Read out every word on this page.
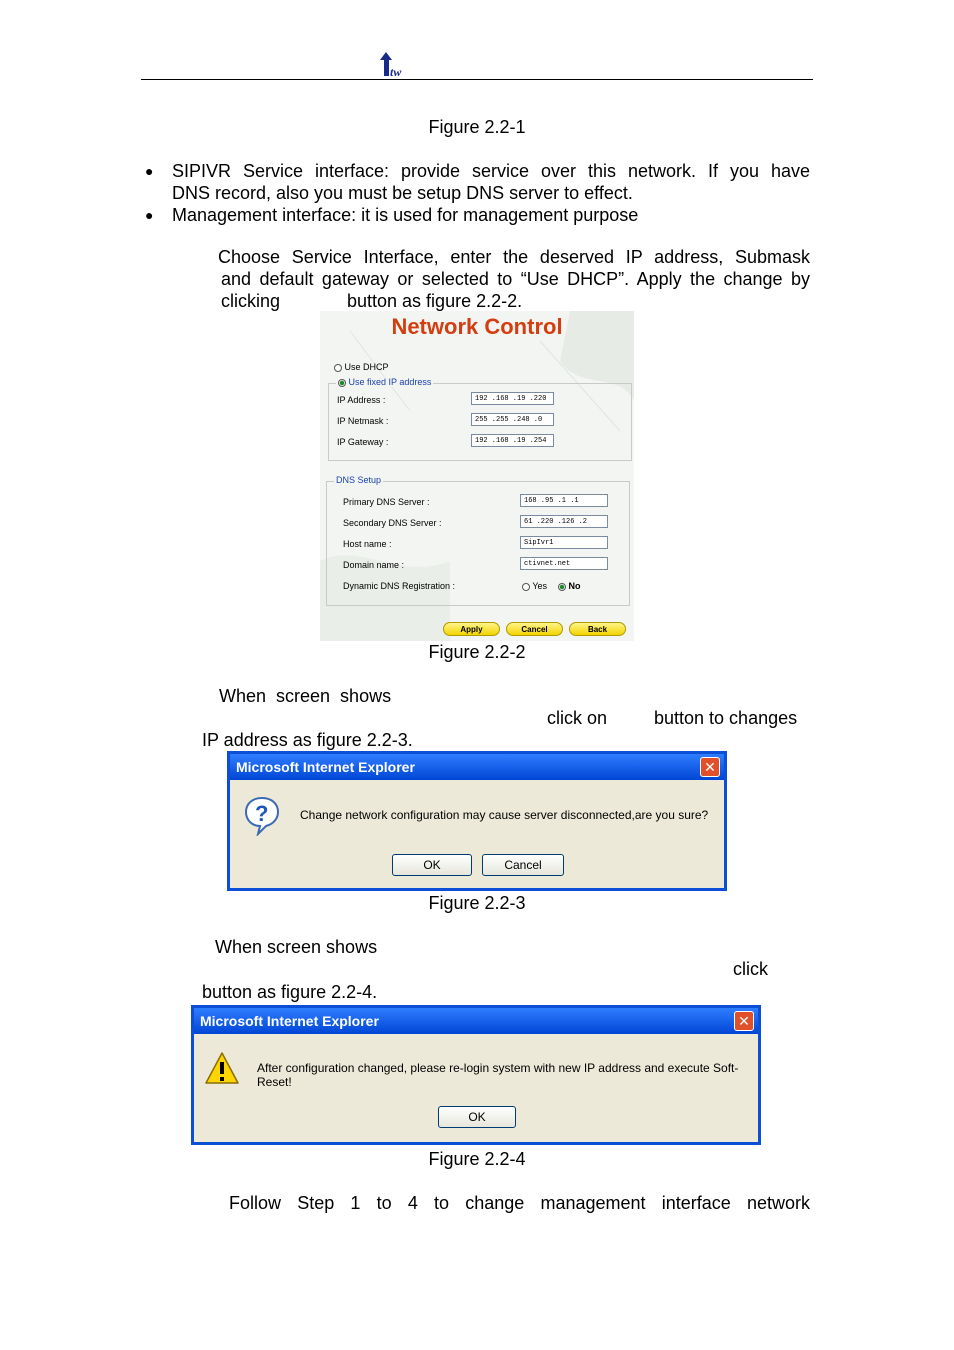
tw
Figure 2.2-1
● SIPIVR Service interface: provide service over this network. If you have
DNS record, also you must be setup DNS server to effect.
● Management interface: it is used for management purpose
Choose Service Interface, enter the deserved IP address, Submask
and default gateway or selected to “Use DHCP”. Apply the change by
clicking	button as figure 2.2-2.
Network Control
Use DHCP
Use fixed IP address
IP Address :	192 .168 .19 .220
IP Netmask :	255 .255 .248 .0
IP Gateway :	192 .168 .19 .254
DNS Setup
Primary DNS Server :	168 .95 .1 .1
Secondary DNS Server :	61 .220 .126 .2
Host name :	SipIvr1
Domain name :	ctivnet.net
Dynamic DNS Registration :	Yes	No
Apply	Cancel	Back
Figure 2.2-2
When  screen  shows
click on	button to changes
IP address as figure 2.2-3.
Microsoft Internet Explorer	✕
?	Change network configuration may cause server disconnected,are you sure?
OK	Cancel
Figure 2.2-3
When screen shows
click
button as figure 2.2-4.
Microsoft Internet Explorer	✕
After configuration changed, please re-login system with new IP address and execute Soft-Reset!
OK
Figure 2.2-4
Follow  Step  1  to  4  to  change  management  interface  network
